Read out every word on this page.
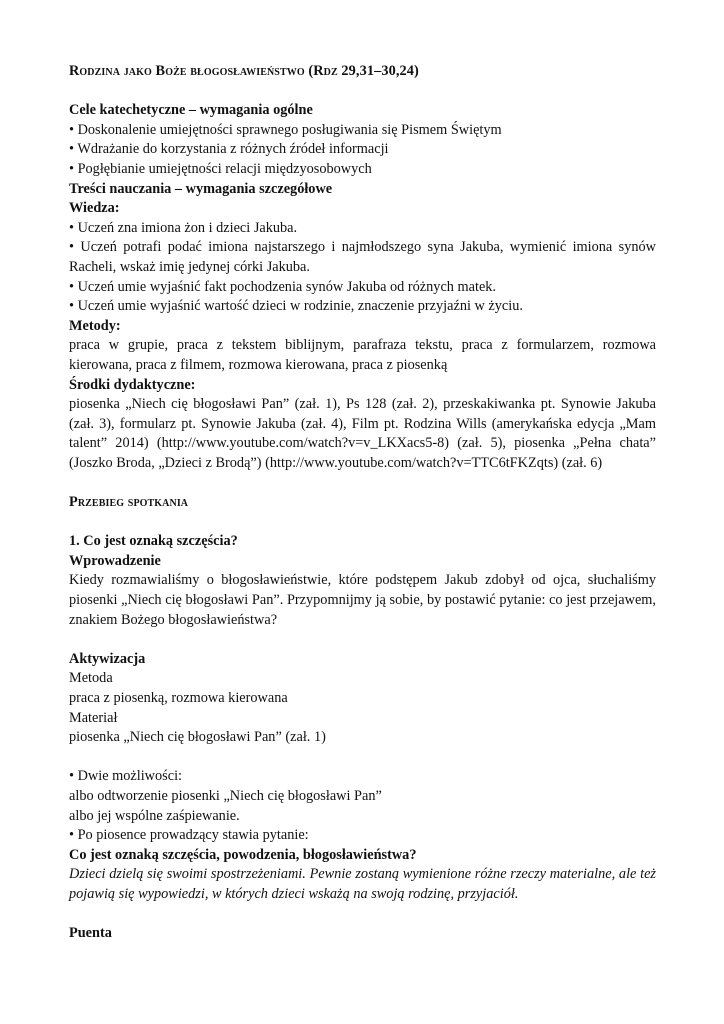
Rodzina jako Boże błogosławieństwo (Rdz 29,31–30,24)

Cele katechetyczne – wymagania ogólne

• Doskonalenie umiejętności sprawnego posługiwania się Pismem Świętym

• Wdrażanie do korzystania z różnych źródeł informacji

• Pogłębianie umiejętności relacji międzyosobowych

Treści nauczania – wymagania szczegółowe

Wiedza:

• Uczeń zna imiona żon i dzieci Jakuba.

• Uczeń potrafi podać imiona najstarszego i najmłodszego syna Jakuba, wymienić imiona synów Racheli, wskaż imię jedynej córki Jakuba.

• Uczeń umie wyjaśnić fakt pochodzenia synów Jakuba od różnych matek.

• Uczeń umie wyjaśnić wartość dzieci w rodzinie, znaczenie przyjaźni w życiu.

Metody:

praca w grupie, praca z tekstem biblijnym, parafraza tekstu, praca z formularzem, rozmowa kierowana, praca z filmem, rozmowa kierowana, praca z piosenką

Środki dydaktyczne:

piosenka „Niech cię błogosławi Pan” (zał. 1), Ps 128 (zał. 2), przeskakiwanka pt. Synowie Jakuba (zał. 3), formularz pt. Synowie Jakuba (zał. 4), Film pt. Rodzina Wills (amerykańska edycja „Mam talent” 2014) (http://www.youtube.com/watch?v=v_LKXacs5-8) (zał. 5), piosenka „Pełna chata” (Joszko Broda, „Dzieci z Brodą”) (http://www.youtube.com/watch?v=TTC6tFKZqts) (zał. 6)

Przebieg spotkania

1. Co jest oznaką szczęścia?

Wprowadzenie

Kiedy rozmawialiśmy o błogosławieństwie, które podstępem Jakub zdobył od ojca, słuchaliśmy piosenki „Niech cię błogosławi Pan”. Przypomnijmy ją sobie, by postawić pytanie: co jest przejawem, znakiem Bożego błogosławieństwa?

Aktywizacja

Metoda

praca z piosenką, rozmowa kierowana

Materiał

piosenka „Niech cię błogosławi Pan” (zał. 1)

• Dwie możliwości:

albo odtworzenie piosenki „Niech cię błogosławi Pan”

albo jej wspólne zaśpiewanie.

• Po piosence prowadzący stawia pytanie:

Co jest oznaką szczęścia, powodzenia, błogosławieństwa?

Dzieci dzielą się swoimi spostrzeżeniami. Pewnie zostaną wymienione różne rzeczy materialne, ale też pojawią się wypowiedzi, w których dzieci wskażą na swoją rodzinę, przyjaciół.

Puenta
